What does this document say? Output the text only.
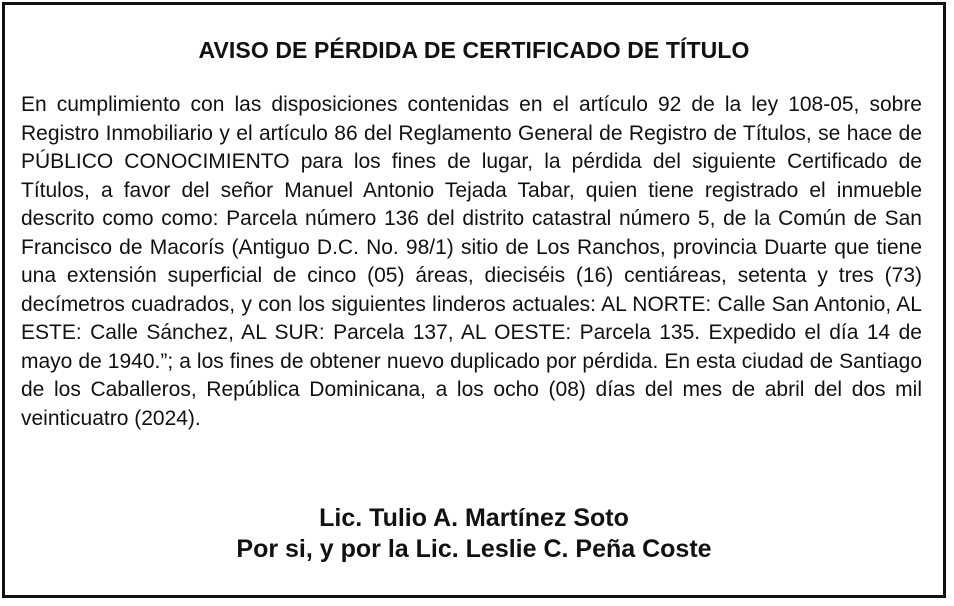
AVISO DE PÉRDIDA DE CERTIFICADO DE TÍTULO

En cumplimiento con las disposiciones contenidas en el artículo 92 de la ley 108-05, sobre Registro Inmobiliario y el artículo 86 del Reglamento General de Registro de Títulos, se hace de PÚBLICO CONOCIMIENTO para los fines de lugar, la pérdida del siguiente Certificado de Títulos, a favor del señor Manuel Antonio Tejada Tabar, quien tiene registrado el inmueble descrito como como: Parcela número 136 del distrito catastral número 5, de la Común de San Francisco de Macorís (Antiguo D.C. No. 98/1) sitio de Los Ranchos, provincia Duarte que tiene una extensión superficial de cinco (05) áreas, dieciséis (16) centiáreas, setenta y tres (73) decímetros cuadrados, y con los siguientes linderos actuales: AL NORTE: Calle San Antonio, AL ESTE: Calle Sánchez, AL SUR: Parcela 137, AL OESTE: Parcela 135. Expedido el día 14 de mayo de 1940.”; a los fines de obtener nuevo duplicado por pérdida. En esta ciudad de Santiago de los Caballeros, República Dominicana, a los ocho (08) días del mes de abril del dos mil veinticuatro (2024).

Lic. Tulio A. Martínez Soto
Por si, y por la Lic. Leslie C. Peña Coste
